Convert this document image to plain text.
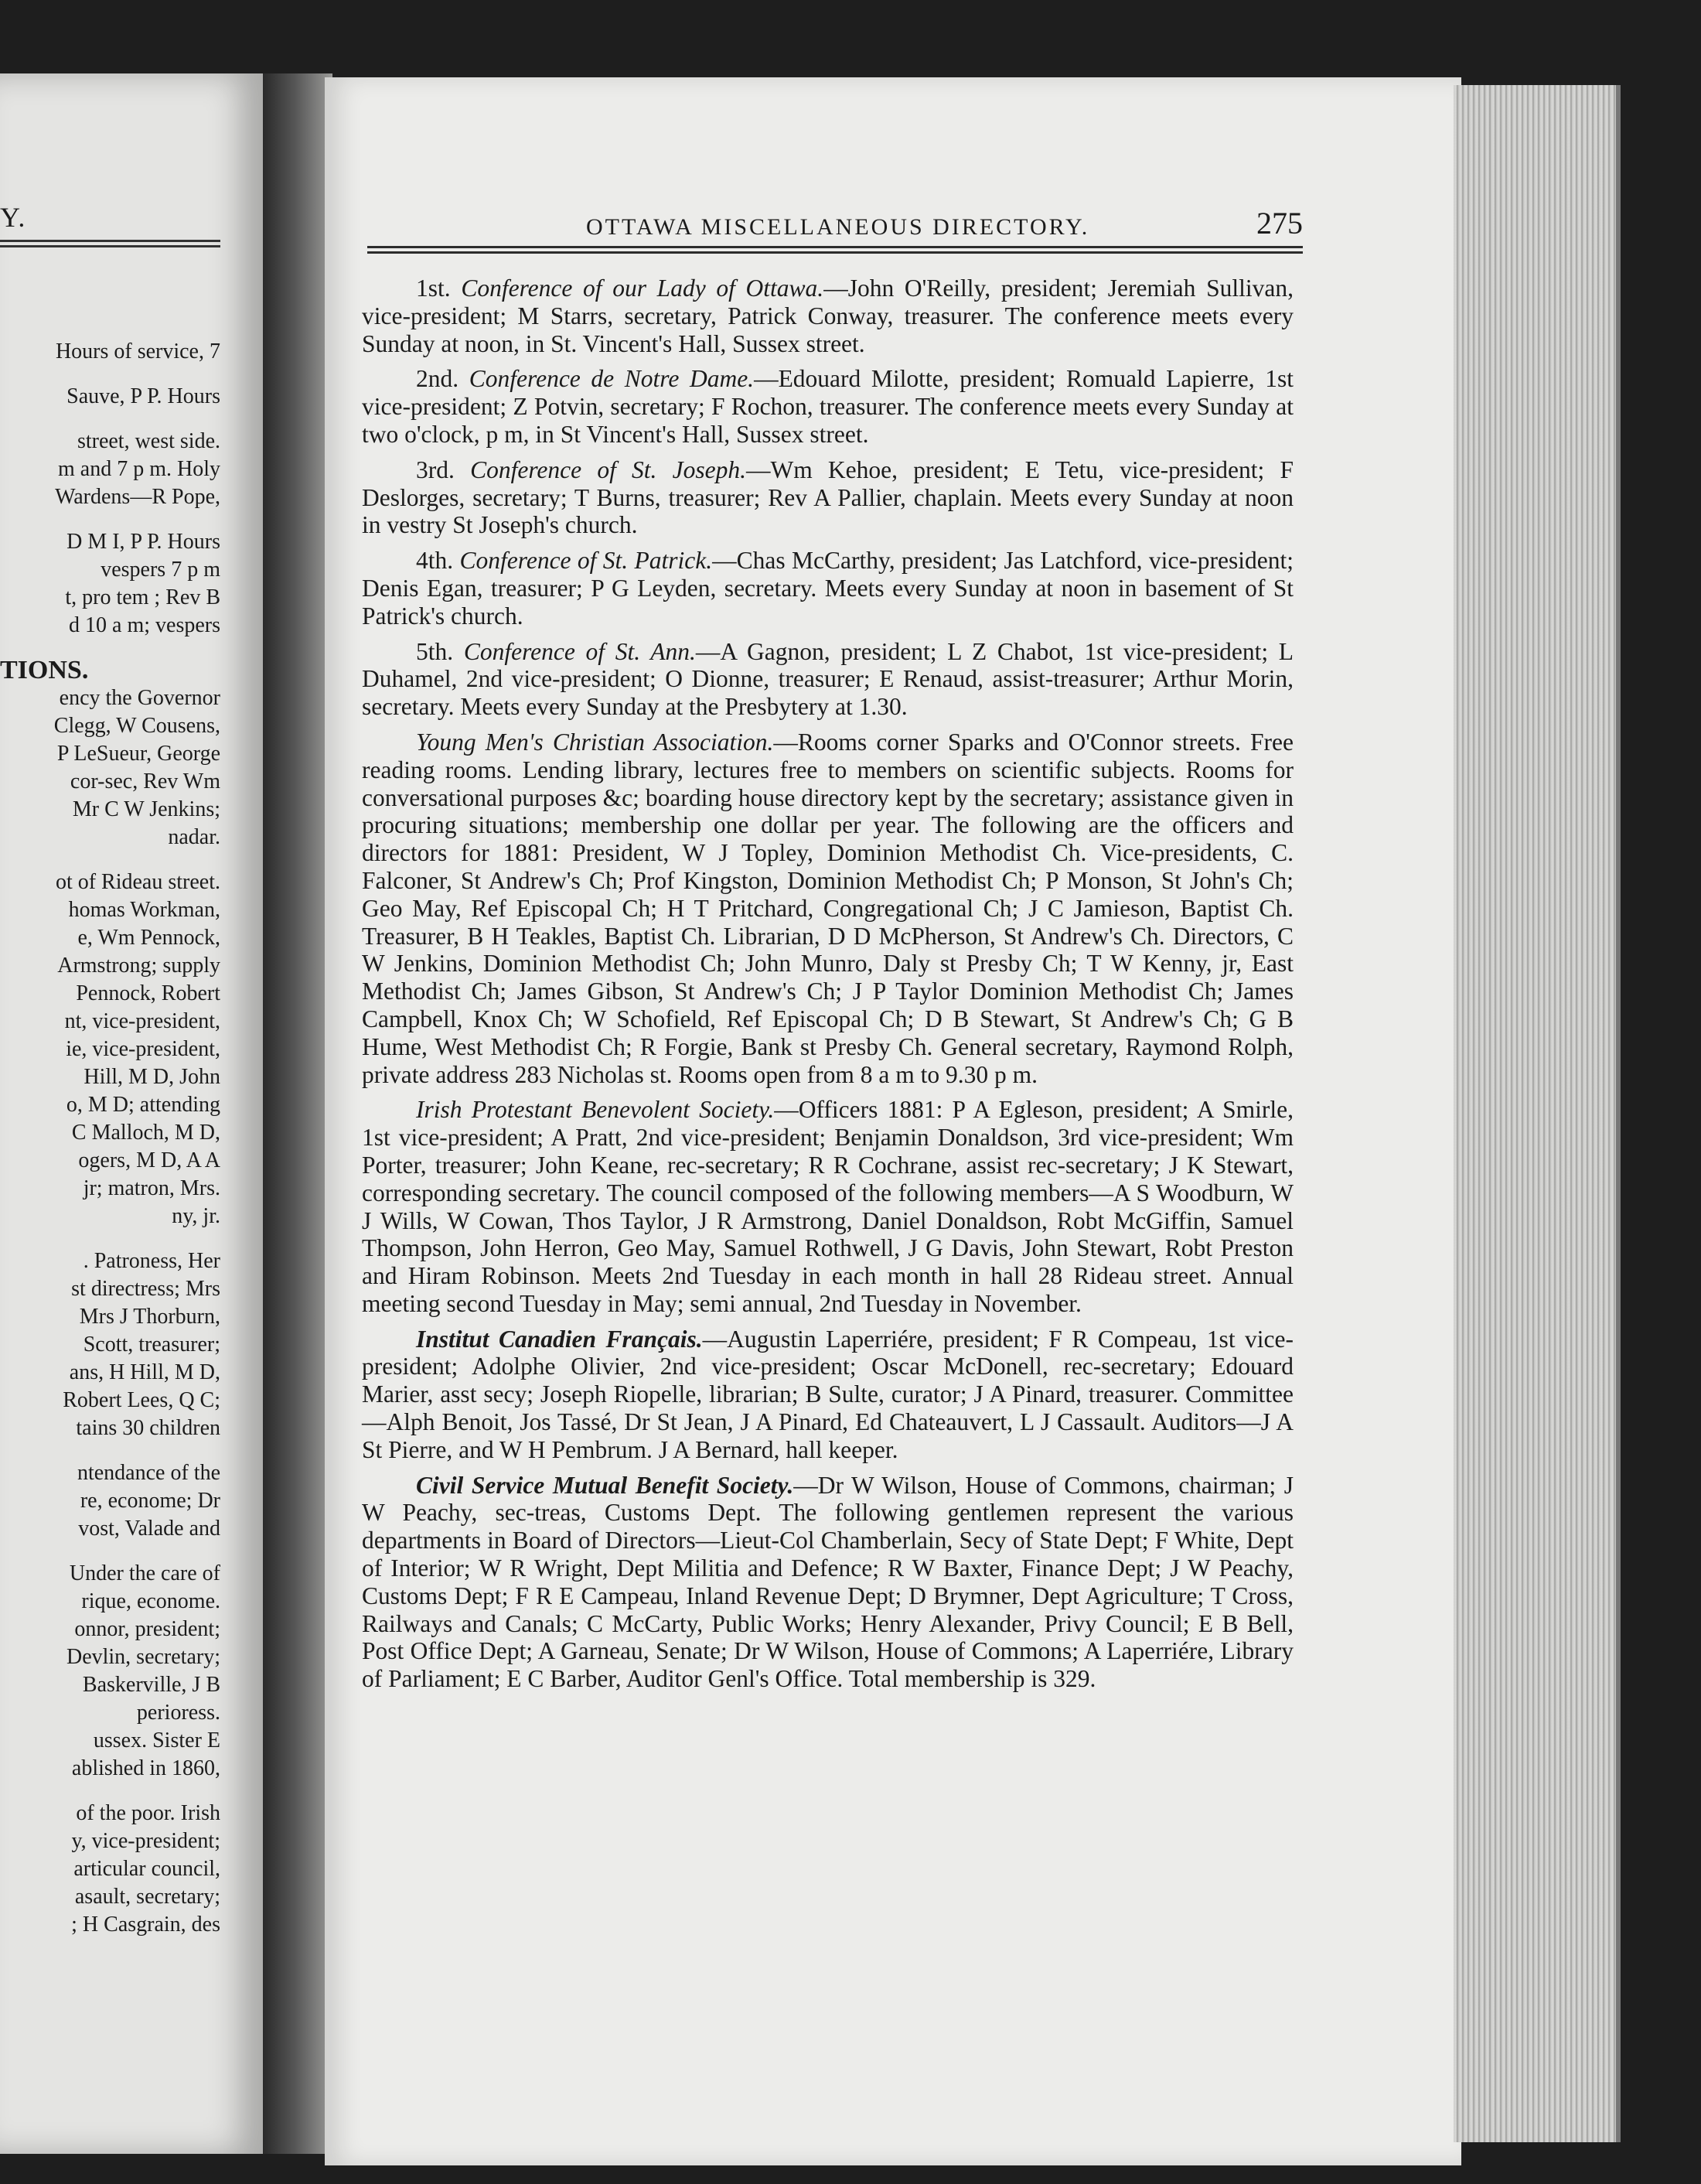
Y.
Hours of service, 7
Sauve, P P. Hours
street, west side.
m and 7 p m. Holy
Wardens—R Pope,
D M I, P P. Hours
vespers 7 p m
t, pro tem ; Rev B
d 10 a m; vespers
TIONS.
ency the Governor
Clegg, W Cousens,
P LeSueur, George
cor-sec, Rev Wm
Mr C W Jenkins;
nadar.
ot of Rideau street.
homas Workman,
e, Wm Pennock,
Armstrong; supply
Pennock, Robert
nt, vice-president,
ie, vice-president,
Hill, M D, John
o, M D; attending
C Malloch, M D,
ogers, M D, A A
jr; matron, Mrs.
ny, jr.
. Patroness, Her
st directress; Mrs
Mrs J Thorburn,
Scott, treasurer;
ans, H Hill, M D,
Robert Lees, Q C;
tains 30 children
ntendance of the
re, econome; Dr
vost, Valade and
Under the care of
rique, econome.
onnor, president;
Devlin, secretary;
Baskerville, J B
perioress.
ussex. Sister E
ablished in 1860,
of the poor. Irish
y, vice-president;
articular council,
asault, secretary;
; H Casgrain, des
OTTAWA MISCELLANEOUS DIRECTORY.	275

1st. Conference of our Lady of Ottawa.—John O'Reilly, president; Jeremiah Sullivan, vice-president; M Starrs, secretary, Patrick Conway, treasurer. The conference meets every Sunday at noon, in St. Vincent's Hall, Sussex street.

2nd. Conference de Notre Dame.—Edouard Milotte, president; Romuald Lapierre, 1st vice-president; Z Potvin, secretary; F Rochon, treasurer. The conference meets every Sunday at two o'clock, p m, in St Vincent's Hall, Sussex street.

3rd. Conference of St. Joseph.—Wm Kehoe, president; E Tetu, vice-president; F Deslorges, secretary; T Burns, treasurer; Rev A Pallier, chaplain. Meets every Sunday at noon in vestry St Joseph's church.

4th. Conference of St. Patrick.—Chas McCarthy, president; Jas Latchford, vice-president; Denis Egan, treasurer; P G Leyden, secretary. Meets every Sunday at noon in basement of St Patrick's church.

5th. Conference of St. Ann.—A Gagnon, president; L Z Chabot, 1st vice-president; L Duhamel, 2nd vice-president; O Dionne, treasurer; E Renaud, assist-treasurer; Arthur Morin, secretary. Meets every Sunday at the Presbytery at 1.30.

Young Men's Christian Association.—Rooms corner Sparks and O'Connor streets. Free reading rooms. Lending library, lectures free to members on scientific subjects. Rooms for conversational purposes &c; boarding house directory kept by the secretary; assistance given in procuring situations; membership one dollar per year. The following are the officers and directors for 1881: President, W J Topley, Dominion Methodist Ch. Vice-presidents, C. Falconer, St Andrew's Ch; Prof Kingston, Dominion Methodist Ch; P Monson, St John's Ch; Geo May, Ref Episcopal Ch; H T Pritchard, Congregational Ch; J C Jamieson, Baptist Ch. Treasurer, B H Teakles, Baptist Ch. Librarian, D D McPherson, St Andrew's Ch. Directors, C W Jenkins, Dominion Methodist Ch; John Munro, Daly st Presby Ch; T W Kenny, jr, East Methodist Ch; James Gibson, St Andrew's Ch; J P Taylor Dominion Methodist Ch; James Campbell, Knox Ch; W Schofield, Ref Episcopal Ch; D B Stewart, St Andrew's Ch; G B Hume, West Methodist Ch; R Forgie, Bank st Presby Ch. General secretary, Raymond Rolph, private address 283 Nicholas st. Rooms open from 8 a m to 9.30 p m.

Irish Protestant Benevolent Society.—Officers 1881: P A Egleson, president; A Smirle, 1st vice-president; A Pratt, 2nd vice-president; Benjamin Donaldson, 3rd vice-president; Wm Porter, treasurer; John Keane, rec-secretary; R R Cochrane, assist rec-secretary; J K Stewart, corresponding secretary. The council composed of the following members—A S Woodburn, W J Wills, W Cowan, Thos Taylor, J R Armstrong, Daniel Donaldson, Robt McGiffin, Samuel Thompson, John Herron, Geo May, Samuel Rothwell, J G Davis, John Stewart, Robt Preston and Hiram Robinson. Meets 2nd Tuesday in each month in hall 28 Rideau street. Annual meeting second Tuesday in May; semi annual, 2nd Tuesday in November.

Institut Canadien Français.—Augustin Laperriére, president; F R Compeau, 1st vice-president; Adolphe Olivier, 2nd vice-president; Oscar McDonell, rec-secretary; Edouard Marier, asst secy; Joseph Riopelle, librarian; B Sulte, curator; J A Pinard, treasurer. Committee—Alph Benoit, Jos Tassé, Dr St Jean, J A Pinard, Ed Chateauvert, L J Cassault. Auditors—J A St Pierre, and W H Pembrum. J A Bernard, hall keeper.

Civil Service Mutual Benefit Society.—Dr W Wilson, House of Commons, chairman; J W Peachy, sec-treas, Customs Dept. The following gentlemen represent the various departments in Board of Directors—Lieut-Col Chamberlain, Secy of State Dept; F White, Dept of Interior; W R Wright, Dept Militia and Defence; R W Baxter, Finance Dept; J W Peachy, Customs Dept; F R E Campeau, Inland Revenue Dept; D Brymner, Dept Agriculture; T Cross, Railways and Canals; C McCarty, Public Works; Henry Alexander, Privy Council; E B Bell, Post Office Dept; A Garneau, Senate; Dr W Wilson, House of Commons; A Laperriére, Library of Parliament; E C Barber, Auditor Genl's Office. Total membership is 329.
